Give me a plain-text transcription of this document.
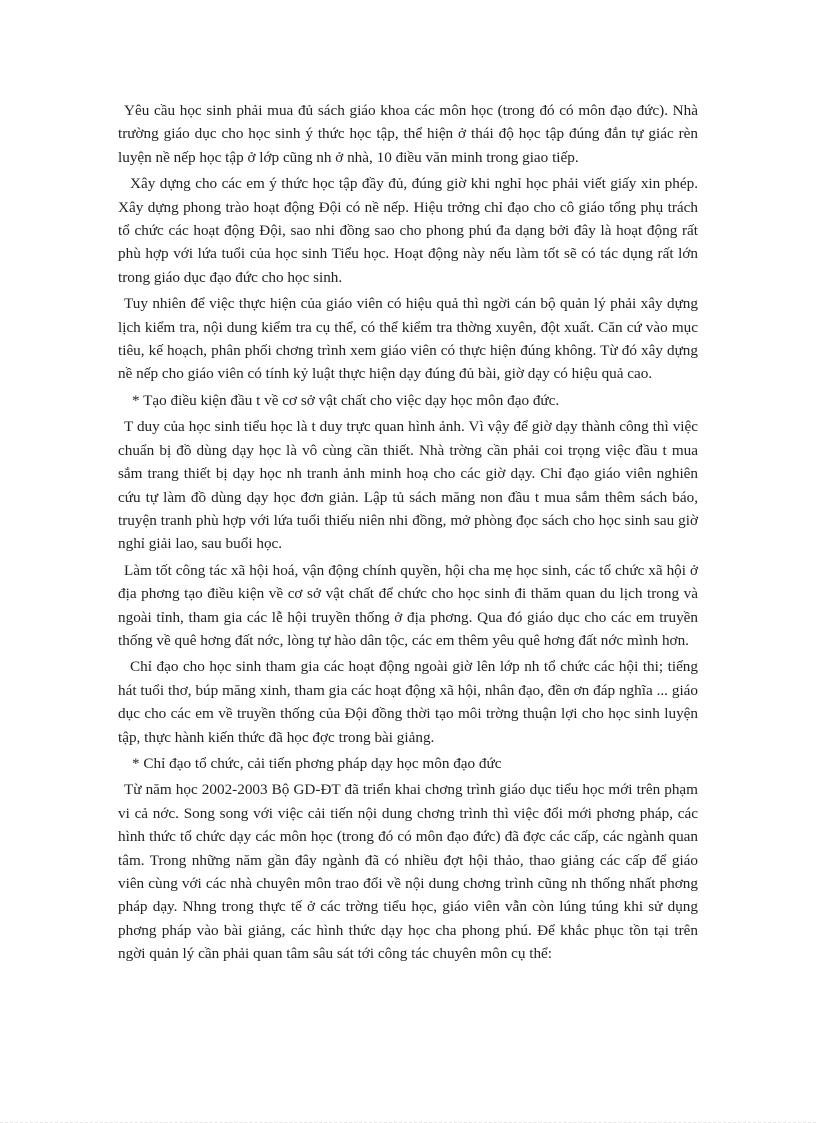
Yêu cầu học sinh phải mua đủ sách giáo khoa các môn học (trong đó có môn đạo đức). Nhà trường giáo dục cho học sinh ý thức học tập, thể hiện ở thái độ học tập đúng đắn tự giác rèn luyện nề nếp học tập ở lớp cũng nh ở nhà, 10 điều văn minh trong giao tiếp.

Xây dựng cho các em ý thức học tập đầy đủ, đúng giờ khi nghỉ học phải viết giấy xin phép. Xây dựng phong trào hoạt động Đội có nề nếp. Hiệu trởng chỉ đạo cho cô giáo tổng phụ trách tổ chức các hoạt động Đội, sao nhi đồng sao cho phong phú đa dạng bởi đây là hoạt động rất phù hợp với lứa tuổi của học sinh Tiểu học. Hoạt động này nếu làm tốt sẽ có tác dụng rất lớn trong giáo dục đạo đức cho học sinh.

Tuy nhiên để việc thực hiện của giáo viên có hiệu quả thì ngời cán bộ quản lý phải xây dựng lịch kiểm tra, nội dung kiểm tra cụ thể, có thể kiểm tra thờng xuyên, đột xuất. Căn cứ vào mục tiêu, kế hoạch, phân phối chơng trình xem giáo viên có thực hiện đúng không. Từ đó xây dựng nề nếp cho giáo viên có tính kỷ luật thực hiện dạy đúng đủ bài, giờ dạy có hiệu quả cao.

* Tạo điều kiện đầu t về cơ sở vật chất cho việc dạy học môn đạo đức.

T duy của học sinh tiểu học là t duy trực quan hình ảnh. Vì vậy để giờ dạy thành công thì việc chuẩn bị đồ dùng dạy học là vô cùng cần thiết. Nhà trờng cần phải coi trọng việc đầu t mua sắm trang thiết bị dạy học nh tranh ảnh minh hoạ cho các giờ dạy. Chỉ đạo giáo viên nghiên cứu tự làm đồ dùng dạy học đơn giản. Lập tủ sách măng non đầu t mua sắm thêm sách báo, truyện tranh phù hợp với lứa tuổi thiếu niên nhi đồng, mở phòng đọc sách cho học sinh sau giờ nghỉ giải lao, sau buổi học.

Làm tốt công tác xã hội hoá, vận động chính quyền, hội cha mẹ học sinh, các tổ chức xã hội ở địa phơng tạo điều kiện về cơ sở vật chất để chức cho học sinh đi thăm quan du lịch trong và ngoài tỉnh, tham gia các lễ hội truyền thống ở địa phơng. Qua đó giáo dục cho các em truyền thống về quê hơng đất nớc, lòng tự hào dân tộc, các em thêm yêu quê hơng đất nớc mình hơn.

Chỉ đạo cho học sinh tham gia các hoạt động ngoài giờ lên lớp nh tổ chức các hội thi; tiếng hát tuổi thơ, búp măng xinh, tham gia các hoạt động xã hội, nhân đạo, đền ơn đáp nghĩa ... giáo dục cho các em về truyền thống của Đội đồng thời tạo môi trờng thuận lợi cho học sinh luyện tập, thực hành kiến thức đã học đợc trong bài giảng.

* Chỉ đạo tổ chức, cải tiến phơng pháp dạy học môn đạo đức

Từ năm học 2002-2003 Bộ GD-ĐT đã triển khai chơng trình giáo dục tiểu học mới trên phạm vi cả nớc. Song song với việc cải tiến nội dung chơng trình thì việc đổi mới phơng pháp, các hình thức tổ chức dạy các môn học (trong đó có môn đạo đức) đã đợc các cấp, các ngành quan tâm. Trong những năm gần đây ngành đã có nhiều đợt hội thảo, thao giảng các cấp để giáo viên cùng với các nhà chuyên môn trao đổi về nội dung chơng trình cũng nh thống nhất phơng pháp dạy. Nhng trong thực tế ở các trờng tiểu học, giáo viên vẫn còn lúng túng khi sử dụng phơng pháp vào bài giảng, các hình thức dạy học cha phong phú. Để khắc phục tồn tại trên ngời quản lý cần phải quan tâm sâu sát tới công tác chuyên môn cụ thể:
